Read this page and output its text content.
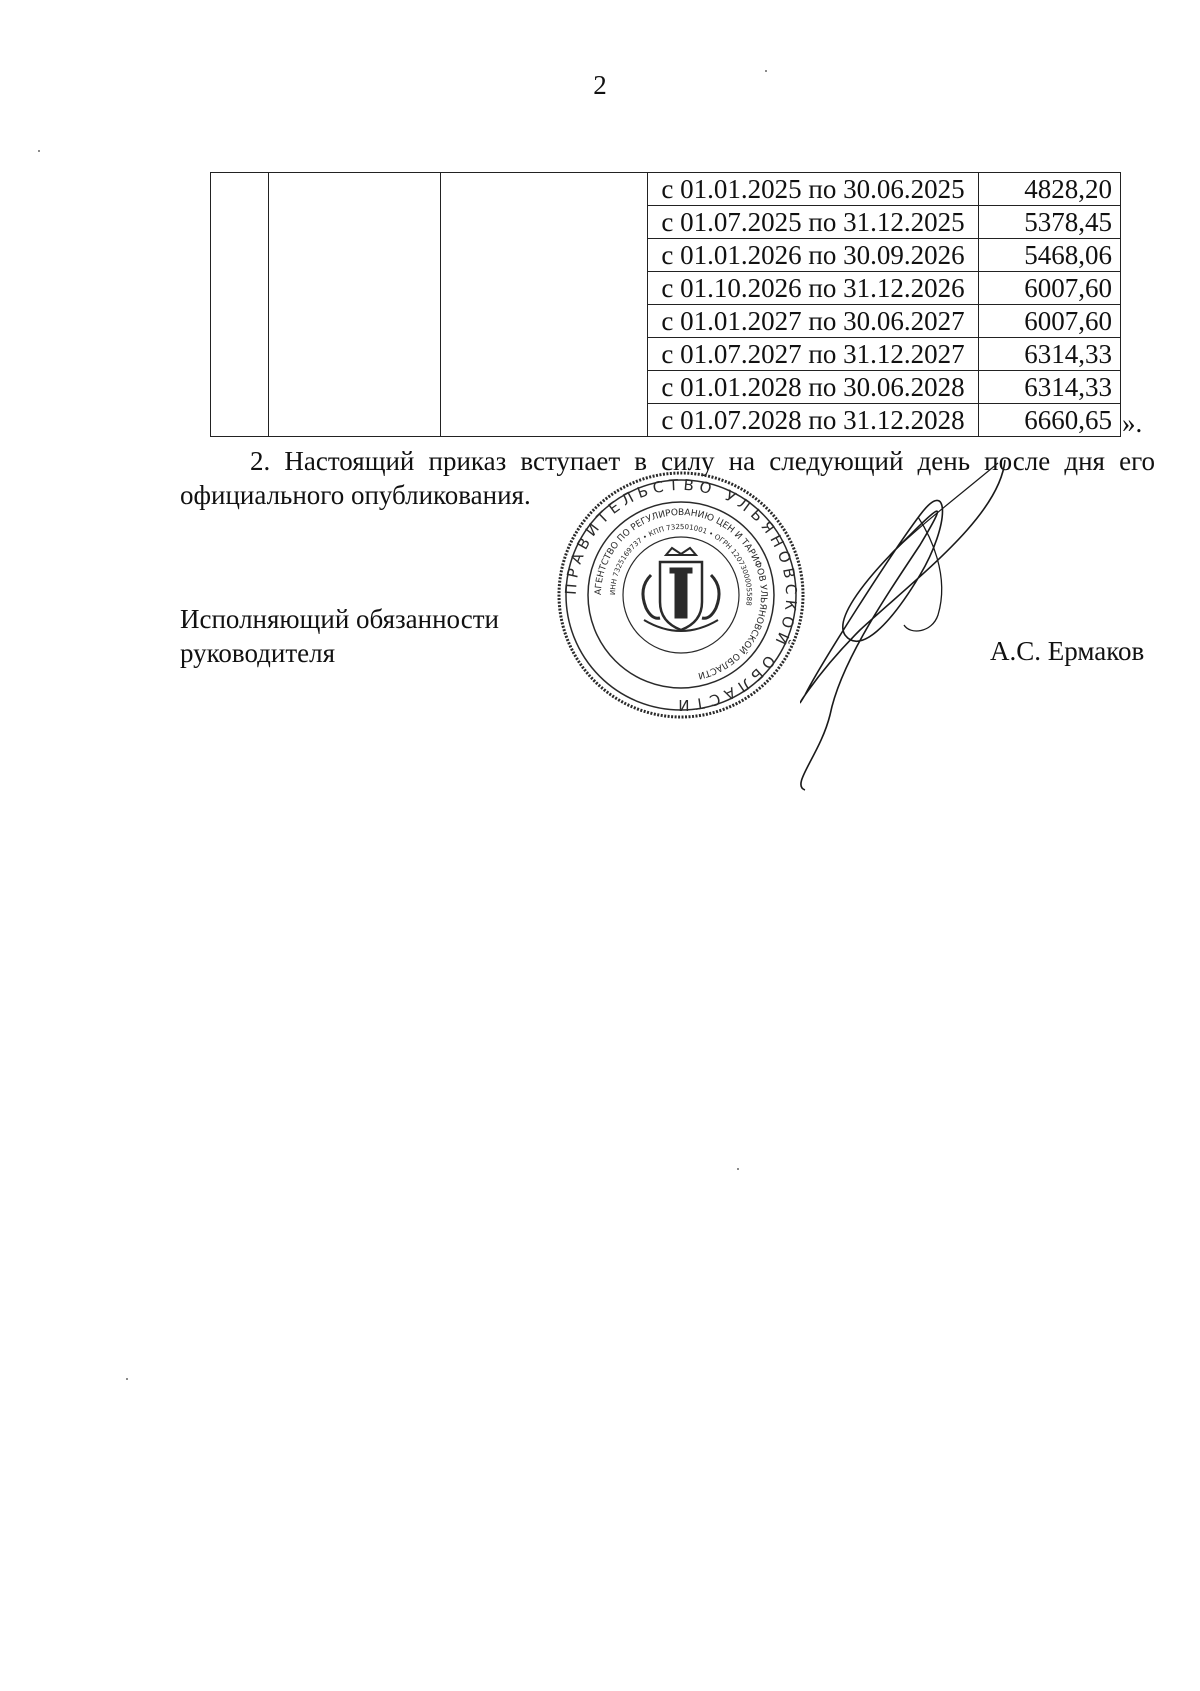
2
			с 01.01.2025 по 30.06.2025	4828,20
			с 01.07.2025 по 31.12.2025	5378,45
			с 01.01.2026 по 30.09.2026	5468,06
			с 01.10.2026 по 31.12.2026	6007,60
			с 01.01.2027 по 30.06.2027	6007,60
			с 01.07.2027 по 31.12.2027	6314,33
			с 01.01.2028 по 30.06.2028	6314,33
			с 01.07.2028 по 31.12.2028	6660,65 ».
2. Настоящий приказ вступает в силу на следующий день после дня его официального опубликования.
Исполняющий обязанности
руководителя	А.С. Ермаков
ПРАВИТЕЛЬСТВО УЛЬЯНОВСКОЙ ОБЛАСТИ
АГЕНТСТВО ПО РЕГУЛИРОВАНИЮ ЦЕН И ТАРИФОВ УЛЬЯНОВСКОЙ ОБЛАСТИ
ИНН 7325169737 • КПП 732501001 • ОГРН 1207300005588
